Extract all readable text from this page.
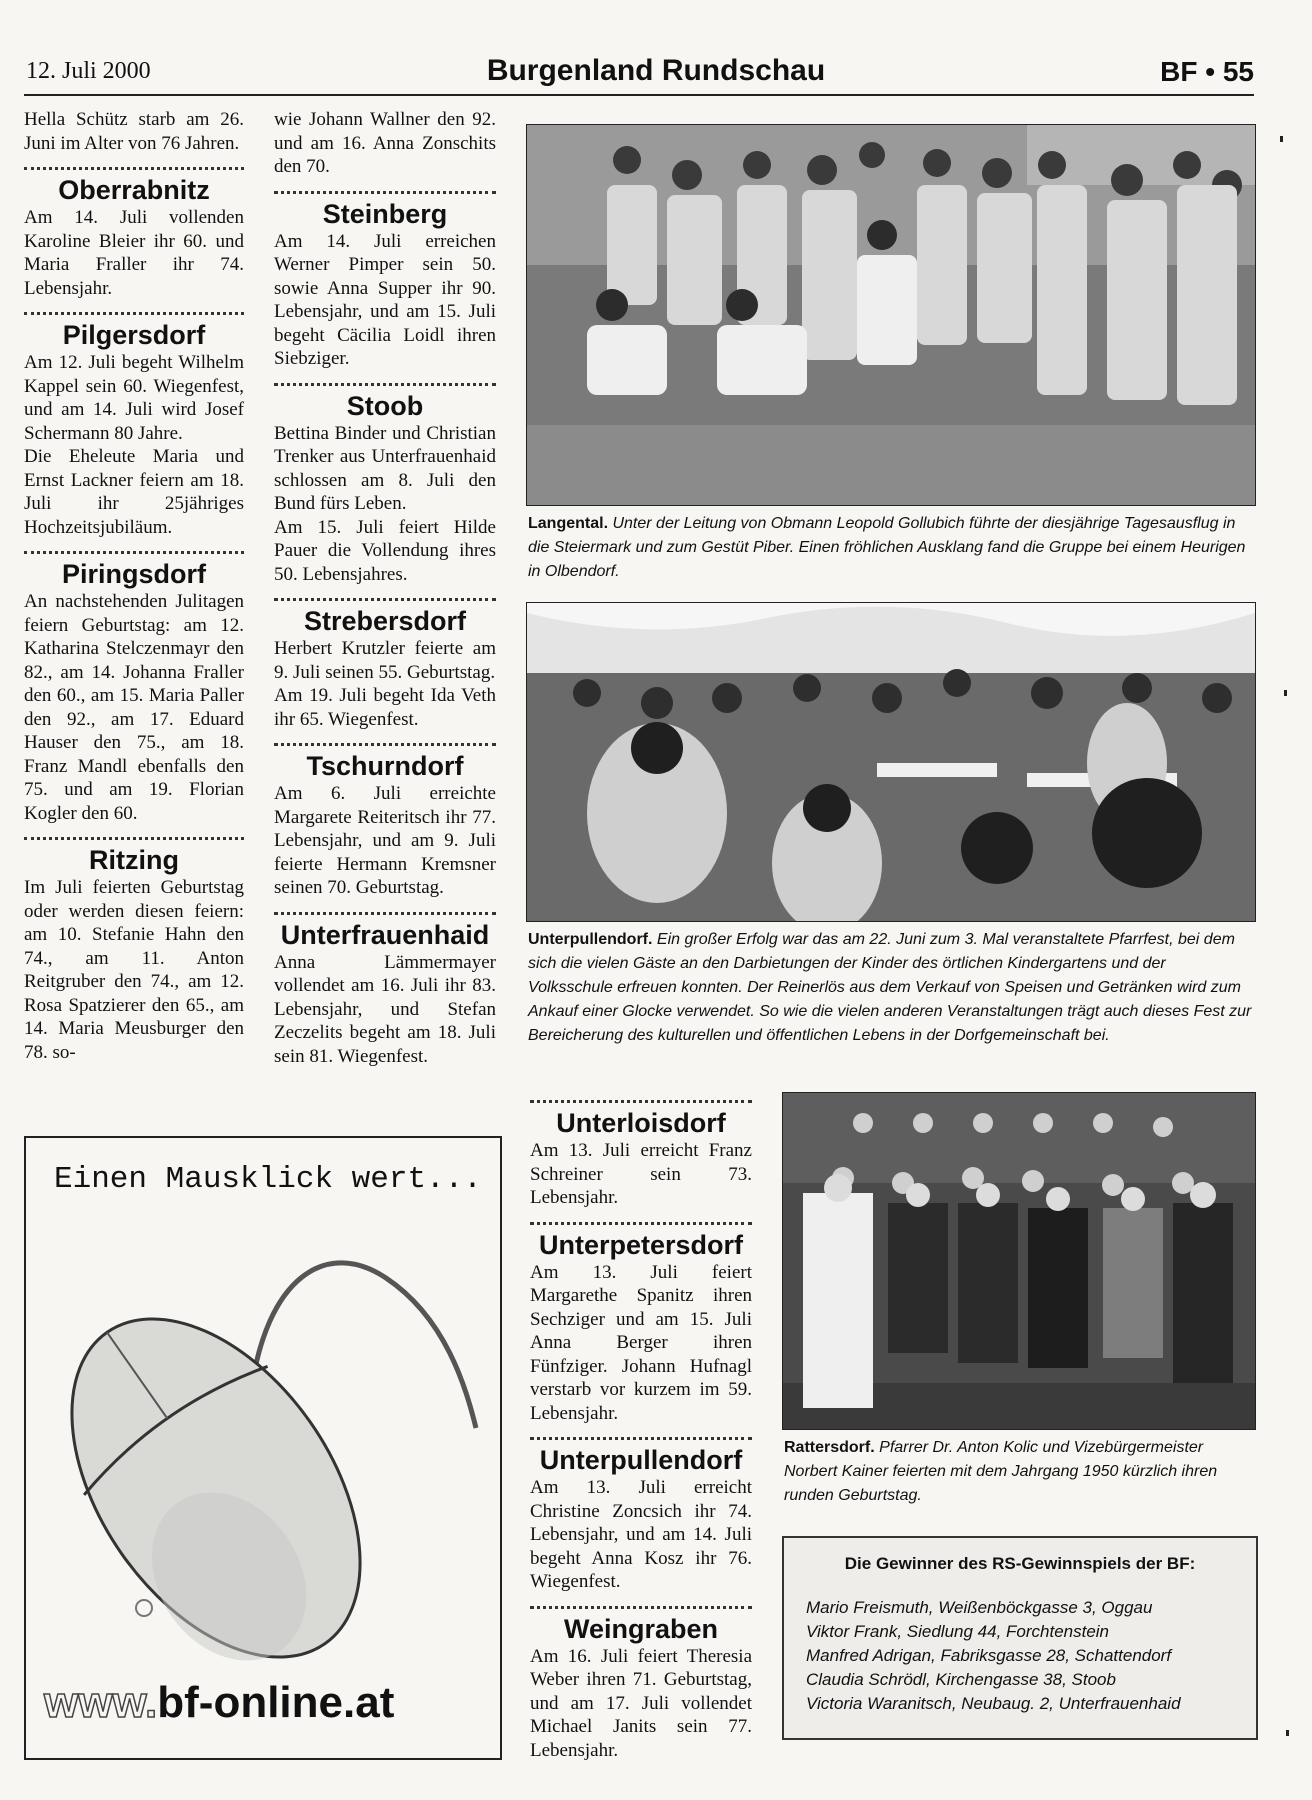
12. Juli 2000	Burgenland Rundschau	BF • 55

Hella Schütz starb am 26. Juni im Alter von 76 Jahren.

Oberrabnitz

Am 14. Juli vollenden Karoline Bleier ihr 60. und Maria Fraller ihr 74. Lebensjahr.

Pilgersdorf

Am 12. Juli begeht Wilhelm Kappel sein 60. Wiegenfest, und am 14. Juli wird Josef Schermann 80 Jahre.

Die Eheleute Maria und Ernst Lackner feiern am 18. Juli ihr 25jähriges Hochzeitsjubiläum.

Piringsdorf

An nachstehenden Julitagen feiern Geburtstag: am 12. Katharina Stelczenmayr den 82., am 14. Johanna Fraller den 60., am 15. Maria Paller den 92., am 17. Eduard Hauser den 75., am 18. Franz Mandl ebenfalls den 75. und am 19. Florian Kogler den 60.

Ritzing

Im Juli feierten Geburtstag oder werden diesen feiern: am 10. Stefanie Hahn den 74., am 11. Anton Reitgruber den 74., am 12. Rosa Spatzierer den 65., am 14. Maria Meusburger den 78. so-

wie Johann Wallner den 92. und am 16. Anna Zonschits den 70.

Steinberg

Am 14. Juli erreichen Werner Pimper sein 50. sowie Anna Supper ihr 90. Lebensjahr, und am 15. Juli begeht Cäcilia Loidl ihren Siebziger.

Stoob

Bettina Binder und Christian Trenker aus Unterfrauenhaid schlossen am 8. Juli den Bund fürs Leben.

Am 15. Juli feiert Hilde Pauer die Vollendung ihres 50. Lebensjahres.

Strebersdorf

Herbert Krutzler feierte am 9. Juli seinen 55. Geburtstag.

Am 19. Juli begeht Ida Veth ihr 65. Wiegenfest.

Tschurndorf

Am 6. Juli erreichte Margarete Reiteritsch ihr 77. Lebensjahr, und am 9. Juli feierte Hermann Kremsner seinen 70. Geburtstag.

Unterfrauenhaid

Anna Lämmermayer vollendet am 16. Juli ihr 83. Lebensjahr, und Stefan Zeczelits begeht am 18. Juli sein 81. Wiegenfest.

Langental. Unter der Leitung von Obmann Leopold Gollubich führte der diesjährige Tagesausflug in die Steiermark und zum Gestüt Piber. Einen fröhlichen Ausklang fand die Gruppe bei einem Heurigen in Olbendorf.
Unterpullendorf. Ein großer Erfolg war das am 22. Juni zum 3. Mal veranstaltete Pfarrfest, bei dem sich die vielen Gäste an den Darbietungen der Kinder des örtlichen Kindergartens und der Volksschule erfreuen konnten. Der Reinerlös aus dem Verkauf von Speisen und Getränken wird zum Ankauf einer Glocke verwendet. So wie die vielen anderen Veranstaltungen trägt auch dieses Fest zur Bereicherung des kulturellen und öffentlichen Lebens in der Dorfgemeinschaft bei.
Unterloisdorf

Am 13. Juli erreicht Franz Schreiner sein 73. Lebensjahr.

Unterpetersdorf

Am 13. Juli feiert Margarethe Spanitz ihren Sechziger und am 15. Juli Anna Berger ihren Fünfziger. Johann Hufnagl verstarb vor kurzem im 59. Lebensjahr.

Unterpullendorf

Am 13. Juli erreicht Christine Zoncsich ihr 74. Lebensjahr, und am 14. Juli begeht Anna Kosz ihr 76. Wiegenfest.

Weingraben

Am 16. Juli feiert Theresia Weber ihren 71. Geburtstag, und am 17. Juli vollendet Michael Janits sein 77. Lebensjahr.

Rattersdorf. Pfarrer Dr. Anton Kolic und Vizebürgermeister Norbert Kainer feierten mit dem Jahrgang 1950 kürzlich ihren runden Geburtstag.
Die Gewinner des RS-Gewinnspiels der BF:
Mario Freismuth, Weißenböckgasse 3, Oggau
Viktor Frank, Siedlung 44, Forchtenstein
Manfred Adrigan, Fabriksgasse 28, Schattendorf
Claudia Schrödl, Kirchengasse 38, Stoob
Victoria Waranitsch, Neubaug. 2, Unterfrauenhaid
Einen Mausklick wert...
www.bf-online.at
